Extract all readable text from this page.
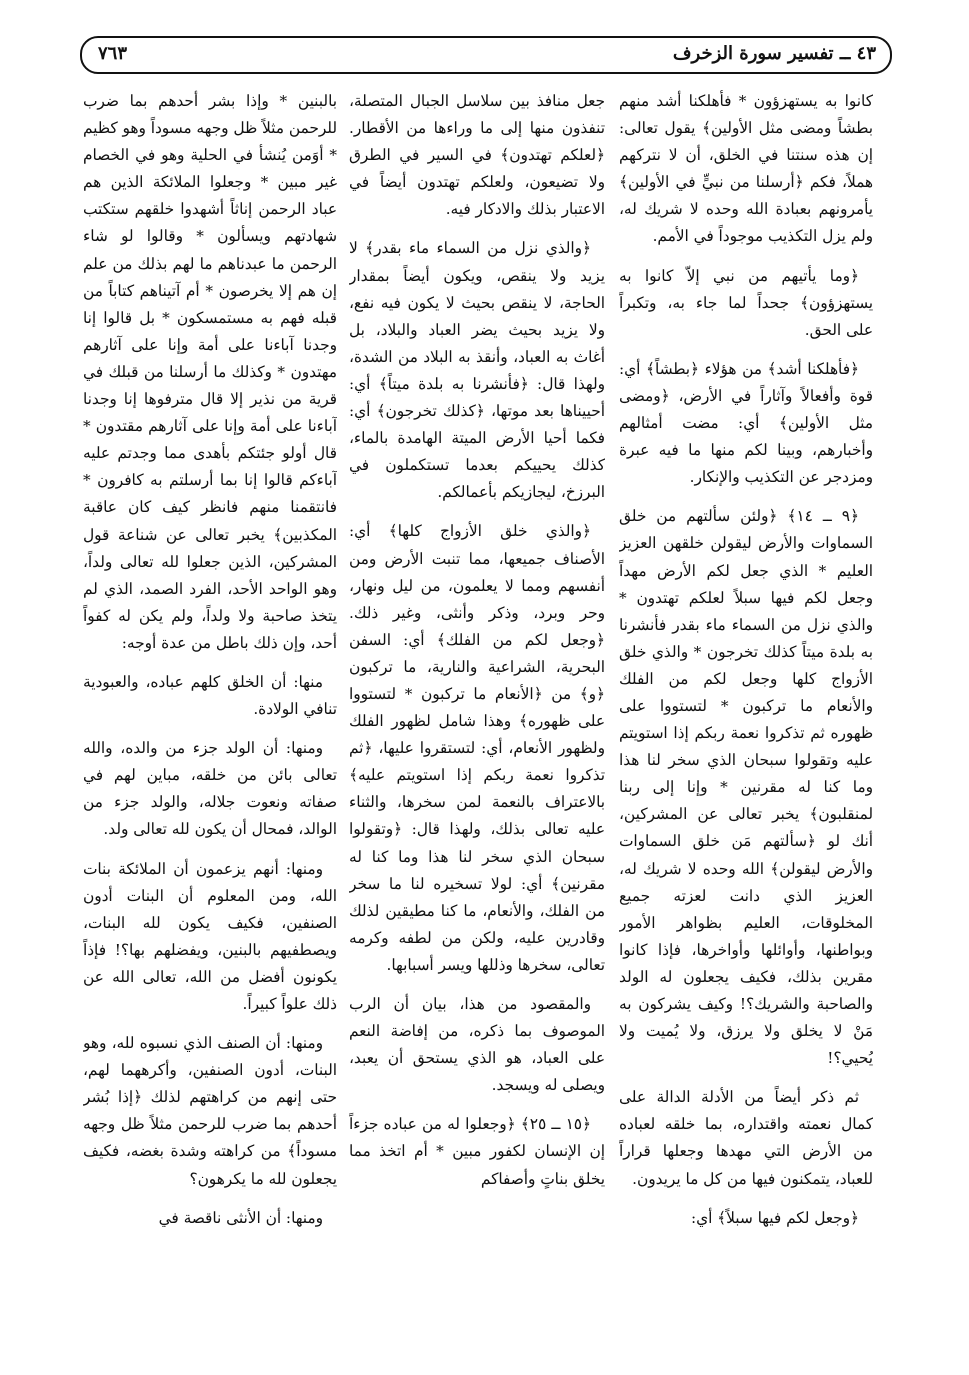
٤٣ ــ تفسير سورة الزخرف
٧٦٣

كانوا به يستهزؤون * فأهلكنا أشد منهم بطشاً ومضى مثل الأولين﴾ يقول تعالى: إن هذه سنتنا في الخلق، أن لا نتركهم هملاً، فكم ﴿أرسلنا من نبيٍّ في الأولين﴾ يأمرونهم بعبادة الله وحده لا شريك له، ولم يزل التكذيب موجوداً في الأمم.

﴿وما يأتيهم من نبي إلاّ كانوا به يستهزؤون﴾ جحداً لما جاء به، وتكبراً على الحق.

﴿فأهلكنا أشد﴾ من هؤلاء ﴿بطشاً﴾ أي: قوة وأفعالاً وآثاراً في الأرض، ﴿ومضى مثل الأولين﴾ أي: مضت أمثالهم وأخبارهم، وبينا لكم منها ما فيه عبرة ومزدجر عن التكذيب والإنكار.

﴿٩ ــ ١٤﴾ ﴿ولئن سألتهم من خلق السماوات والأرض ليقولن خلقهن العزيز العليم * الذي جعل لكم الأرض مهداً وجعل لكم فيها سبلاً لعلكم تهتدون * والذي نزل من السماء ماء بقدر فأنشرنا به بلدة ميتاً كذلك تخرجون * والذي خلق الأزواج كلها وجعل لكم من الفلك والأنعام ما تركبون * لتستووا على ظهوره ثم تذكروا نعمة ربكم إذا استويتم عليه وتقولوا سبحان الذي سخر لنا هذا وما كنا له مقرنين * وإنا إلى ربنا لمنقلبون﴾ يخبر تعالى عن المشركين، أنك لو ﴿سألتهم مَن خلق السماوات والأرض ليقولن﴾ الله وحده لا شريك له، العزيز الذي دانت لعزته جميع المخلوقات، العليم بظواهر الأمور وبواطنها، وأوائلها وأواخرها، فإذا كانوا مقرين بذلك، فكيف يجعلون له الولد والصاحبة والشريك؟! وكيف يشركون به مَنْ لا يخلق ولا يرزق، ولا يُميت ولا يُحيي؟!

ثم ذكر أيضاً من الأدلة الدالة على كمال نعمته واقتداره، بما خلقه لعباده من الأرض التي مهدها وجعلها قراراً للعباد، يتمكنون فيها من كل ما يريدون.

﴿وجعل لكم فيها سبلاً﴾ أي:

جعل منافذ بين سلاسل الجبال المتصلة، تنفذون منها إلى ما وراءها من الأقطار. ﴿لعلكم تهتدون﴾ في السير في الطرق ولا تضيعون، ولعلكم تهتدون أيضاً في الاعتبار بذلك والادكار فيه.

﴿والذي نزل من السماء ماء بقدر﴾ لا يزيد ولا ينقص، ويكون أيضاً بمقدار الحاجة، لا ينقص بحيث لا يكون فيه نفع، ولا يزيد بحيث يضر العباد والبلاد، بل أغاث به العباد، وأنقذ به البلاد من الشدة، ولهذا قال: ﴿فأنشرنا به بلدة ميتاً﴾ أي: أحييناها بعد موتها، ﴿كذلك تخرجون﴾ أي: فكما أحيا الأرض الميتة الهامدة بالماء، كذلك يحييكم بعدما تستكملون في البرزخ، ليجازيكم بأعمالكم.

﴿والذي خلق الأزواج كلها﴾ أي: الأصناف جميعها، مما تنبت الأرض ومن أنفسهم ومما لا يعلمون، من ليل ونهار، وحر وبرد، وذكر وأنثى، وغير ذلك. ﴿وجعل لكم من الفلك﴾ أي: السفن البحرية، الشراعية والنارية، ما تركبون ﴿و﴾ من ﴿الأنعام ما تركبون * لتستووا على ظهوره﴾ وهذا شامل لظهور الفلك ولظهور الأنعام، أي: لتستقروا عليها، ﴿ثم تذكروا نعمة ربكم إذا استويتم عليه﴾ بالاعتراف بالنعمة لمن سخرها، والثناء عليه تعالى بذلك، ولهذا قال: ﴿وتقولوا سبحان الذي سخر لنا هذا وما كنا له مقرنين﴾ أي: لولا تسخيره لنا ما سخر من الفلك، والأنعام، ما كنا مطيقين لذلك وقادرين عليه، ولكن من لطفه وكرمه تعالى، سخرها وذللها ويسر أسبابها.

والمقصود من هذا، بيان أن الرب الموصوف بما ذكره، من إفاضة النعم على العباد، هو الذي يستحق أن يعبد، ويصلى له ويسجد.

﴿١٥ ــ ٢٥﴾ ﴿وجعلوا له من عباده جزءاً إن الإنسان لكفور مبين * أم اتخذ مما يخلق بناتٍ وأصفاكم

بالبنين * وإذا بشر أحدهم بما ضرب للرحمن مثلاً ظل وجهه مسوداً وهو كظيم * أوَمن يُنشأ في الحلية وهو في الخصام غير مبين * وجعلوا الملائكة الذين هم عباد الرحمن إناثاً أشهدوا خلقهم ستكتب شهادتهم ويسألون * وقالوا لو شاء الرحمن ما عبدناهم ما لهم بذلك من علم إن هم إلا يخرصون * أم آتيناهم كتاباً من قبله فهم به مستمسكون * بل قالوا إنا وجدنا آباءنا على أمة وإنا على آثارهم مهتدون * وكذلك ما أرسلنا من قبلك في قرية من نذير إلا قال مترفوها إنا وجدنا آباءنا على أمة وإنا على آثارهم مقتدون * قال أولو جئتكم بأهدى مما وجدتم عليه آباءكم قالوا إنا بما أرسلتم به كافرون * فانتقمنا منهم فانظر كيف كان عاقبة المكذبين﴾ يخبر تعالى عن شناعة قول المشركين، الذين جعلوا لله تعالى ولداً، وهو الواحد الأحد، الفرد الصمد، الذي لم يتخذ صاحبة ولا ولداً، ولم يكن له كفواً أحد، وإن ذلك باطل من عدة أوجه:

منها: أن الخلق كلهم عباده، والعبودية تنافي الولادة.

ومنها: أن الولد جزء من والده، والله تعالى بائن من خلقه، مباين لهم في صفاته ونعوت جلاله، والولد جزء من الوالد، فمحال أن يكون لله تعالى ولد.

ومنها: أنهم يزعمون أن الملائكة بنات الله، ومن المعلوم أن البنات أدون الصنفين، فكيف يكون لله البنات، ويصطفيهم بالبنين، ويفضلهم بها؟! فإذاً يكونون أفضل من الله، تعالى الله عن ذلك علواً كبيراً.

ومنها: أن الصنف الذي نسبوه لله، وهو البنات، أدون الصنفين، وأكرههما لهم، حتى إنهم من كراهتهم لذلك ﴿إذا بُشر أحدهم بما ضرب للرحمن مثلاً ظل وجهه مسوداً﴾ من كراهته وشدة بغضه، فكيف يجعلون لله ما يكرهون؟

ومنها: أن الأنثى ناقصة في
